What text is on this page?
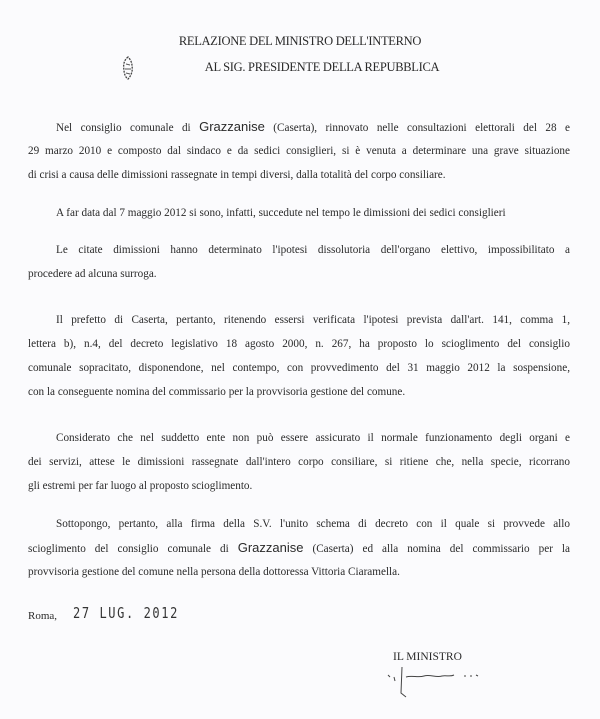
RELAZIONE DEL MINISTRO DELL'INTERNO
AL SIG. PRESIDENTE DELLA REPUBBLICA
Nel consiglio comunale di Grazzanise (Caserta), rinnovato nelle consultazioni elettorali del 28 e
29 marzo 2010 e composto dal sindaco e da sedici consiglieri, si è venuta a determinare una grave situazione
di crisi a causa delle dimissioni rassegnate in tempi diversi, dalla totalità del corpo consiliare.
A far data dal 7 maggio 2012 si sono, infatti, succedute nel tempo le dimissioni dei sedici consiglieri
Le citate dimissioni hanno determinato l'ipotesi dissolutoria dell'organo elettivo, impossibilitato a
procedere ad alcuna surroga.
Il prefetto di Caserta, pertanto, ritenendo essersi verificata l'ipotesi prevista dall'art. 141, comma 1,
lettera b), n.4, del decreto legislativo 18 agosto 2000, n. 267, ha proposto lo scioglimento del consiglio
comunale sopracitato, disponendone, nel contempo, con provvedimento del 31 maggio 2012 la sospensione,
con la conseguente nomina del commissario per la provvisoria gestione del comune.
Considerato che nel suddetto ente non può essere assicurato il normale funzionamento degli organi e
dei servizi, attese le dimissioni rassegnate dall'intero corpo consiliare, si ritiene che, nella specie, ricorrano
gli estremi per far luogo al proposto scioglimento.
Sottopongo, pertanto, alla firma della S.V. l'unito schema di decreto con il quale si provvede allo
scioglimento del consiglio comunale di Grazzanise (Caserta) ed alla nomina del commissario per la
provvisoria gestione del comune nella persona della dottoressa Vittoria Ciaramella.
Roma, 27 LUG. 2012
IL MINISTRO
